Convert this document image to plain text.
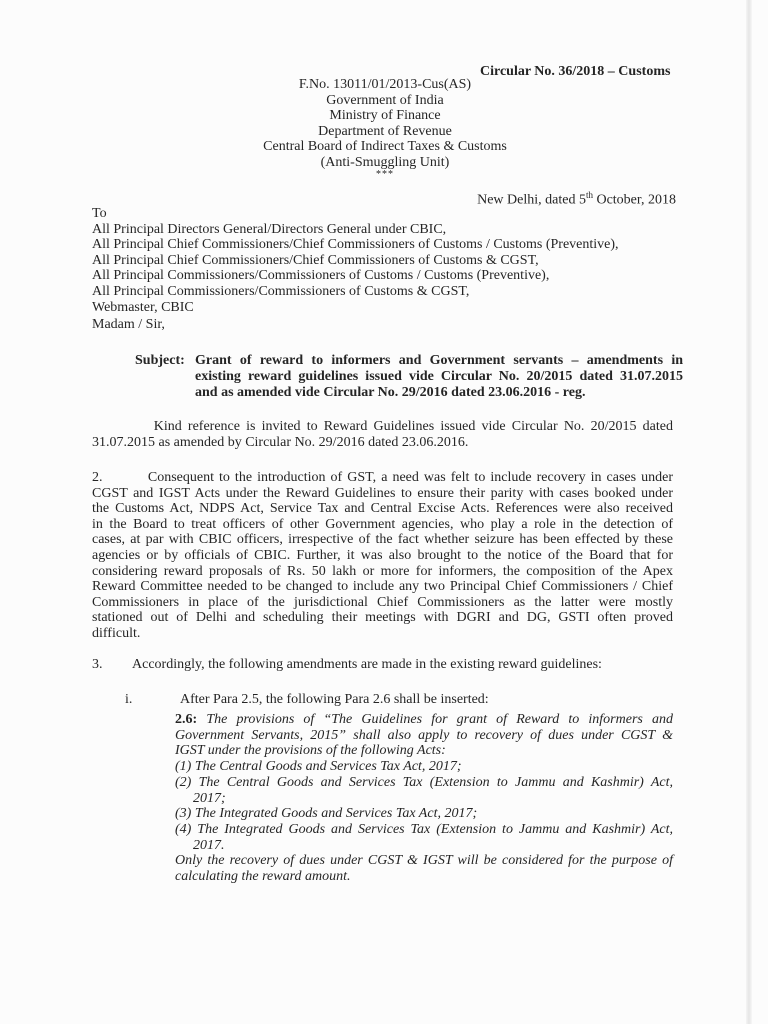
Circular No. 36/2018 – Customs
F.No. 13011/01/2013-Cus(AS)
Government of India
Ministry of Finance
Department of Revenue
Central Board of Indirect Taxes & Customs
(Anti-Smuggling Unit)
***
New Delhi, dated 5th October, 2018
To
All Principal Directors General/Directors General under CBIC,
All Principal Chief Commissioners/Chief Commissioners of Customs / Customs (Preventive),
All Principal Chief Commissioners/Chief Commissioners of Customs & CGST,
All Principal Commissioners/Commissioners of Customs / Customs (Preventive),
All Principal Commissioners/Commissioners of Customs & CGST,
Webmaster, CBIC
Madam / Sir,
Subject: Grant of reward to informers and Government servants – amendments in
existing reward guidelines issued vide Circular No. 20/2015 dated 31.07.2015
and as amended vide Circular No. 29/2016 dated 23.06.2016 - reg.
Kind reference is invited to Reward Guidelines issued vide Circular No. 20/2015 dated
31.07.2015 as amended by Circular No. 29/2016 dated 23.06.2016.
2.         Consequent to the introduction of GST, a need was felt to include recovery in cases under
CGST and IGST Acts under the Reward Guidelines to ensure their parity with cases booked under
the Customs Act, NDPS Act, Service Tax and Central Excise Acts. References were also received
in the Board to treat officers of other Government agencies, who play a role in the detection of
cases, at par with CBIC officers, irrespective of the fact whether seizure has been effected by these
agencies or by officials of CBIC. Further, it was also brought to the notice of the Board that for
considering reward proposals of Rs. 50 lakh or more for informers, the composition of the Apex
Reward Committee needed to be changed to include any two Principal Chief Commissioners / Chief
Commissioners in place of the jurisdictional Chief Commissioners as the latter were mostly
stationed out of Delhi and scheduling their meetings with DGRI and DG, GSTI often proved
difficult.
3. Accordingly, the following amendments are made in the existing reward guidelines:
i.	After Para 2.5, the following Para 2.6 shall be inserted:
2.6: The provisions of “The Guidelines for grant of Reward to informers and
Government Servants, 2015” shall also apply to recovery of dues under CGST &
IGST under the provisions of the following Acts:
(1) The Central Goods and Services Tax Act, 2017;
(2) The Central Goods and Services Tax (Extension to Jammu and Kashmir) Act,
2017;
(3) The Integrated Goods and Services Tax Act, 2017;
(4) The Integrated Goods and Services Tax (Extension to Jammu and Kashmir) Act,
2017.
Only the recovery of dues under CGST & IGST will be considered for the purpose of
calculating the reward amount.
